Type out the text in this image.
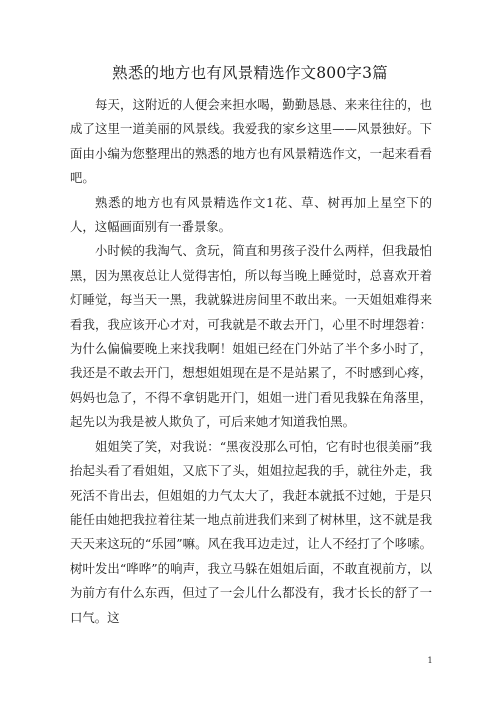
熟悉的地方也有风景精选作文800字3篇

每天，这附近的人便会来担水喝，勤勤恳恳、来来往往的，也成了这里一道美丽的风景线。我爱我的家乡这里——风景独好。下面由小编为您整理出的熟悉的地方也有风景精选作文，一起来看看吧。

熟悉的地方也有风景精选作文1花、草、树再加上星空下的人，这幅画面别有一番景象。

小时候的我淘气、贪玩，简直和男孩子没什么两样，但我最怕黑，因为黑夜总让人觉得害怕，所以每当晚上睡觉时，总喜欢开着灯睡觉，每当天一黑，我就躲进房间里不敢出来。一天姐姐难得来看我，我应该开心才对，可我就是不敢去开门，心里不时埋怨着：为什么偏偏要晚上来找我啊！姐姐已经在门外站了半个多小时了，我还是不敢去开门，想想姐姐现在是不是站累了，不时感到心疼，妈妈也急了，不得不拿钥匙开门，姐姐一进门看见我躲在角落里，起先以为我是被人欺负了，可后来她才知道我怕黑。

姐姐笑了笑，对我说：“黑夜没那么可怕，它有时也很美丽”我抬起头看了看姐姐，又底下了头，姐姐拉起我的手，就往外走，我死活不肯出去，但姐姐的力气太大了，我赶本就抵不过她，于是只能任由她把我拉着往某一地点前进我们来到了树林里，这不就是我天天来这玩的“乐园”嘛。风在我耳边走过，让人不经打了个哆嗦。树叶发出“哗哗”的响声，我立马躲在姐姐后面，不敢直视前方，以为前方有什么东西，但过了一会儿什么都没有，我才长长的舒了一口气。这

1
